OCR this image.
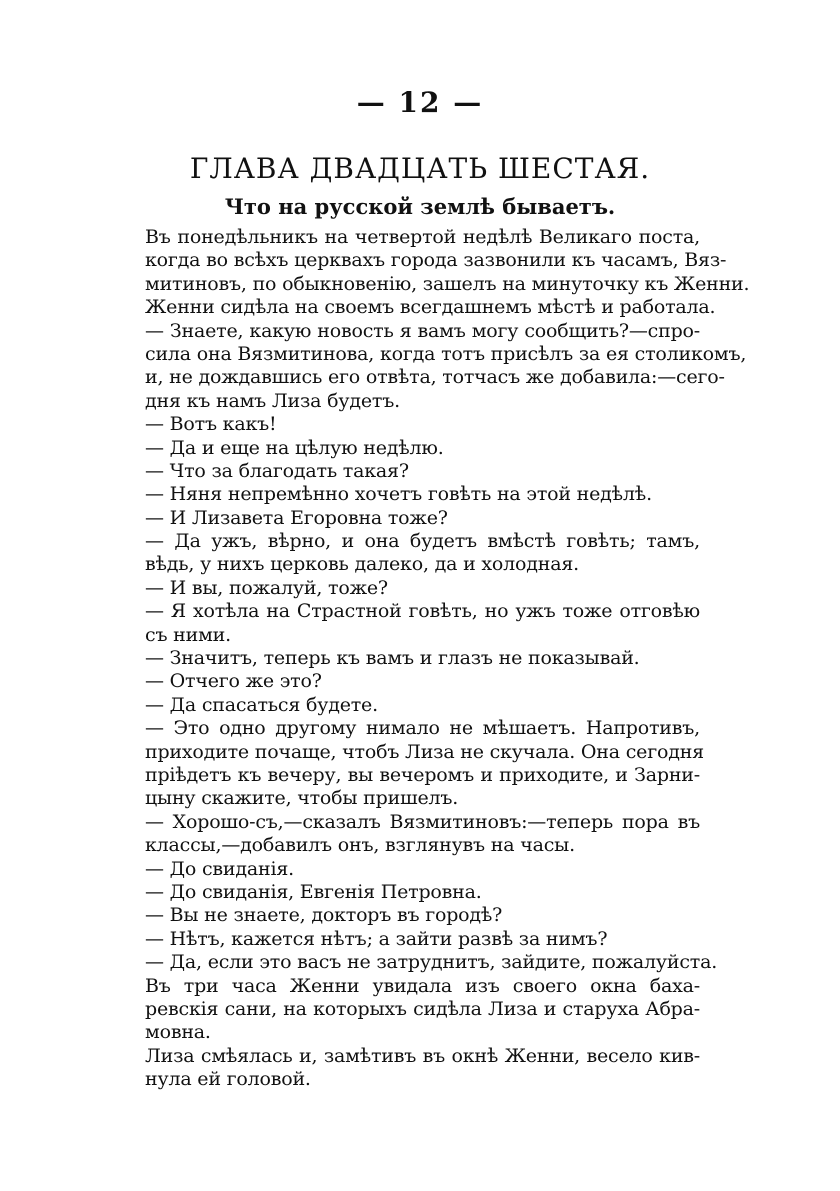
— 12 —
ГЛАВА ДВАДЦАТЬ ШЕСТАЯ.
Что на русской землѣ бываетъ.
Въ понедѣльникъ на четвертой недѣлѣ Великаго поста,
когда во всѣхъ церквахъ города зазвонили къ часамъ, Вяз-
митиновъ, по обыкновенію, зашелъ на минуточку къ Женни.
Женни сидѣла на своемъ всегдашнемъ мѣстѣ и работала.
— Знаете, какую новость я вамъ могу сообщить?—спро-
сила она Вязмитинова, когда тотъ присѣлъ за ея столикомъ,
и, не дождавшись его отвѣта, тотчасъ же добавила:—сего-
дня къ намъ Лиза будетъ.
— Вотъ какъ!
— Да и еще на цѣлую недѣлю.
— Что за благодать такая?
— Няня непремѣнно хочетъ говѣть на этой недѣлѣ.
— И Лизавета Егоровна тоже?
— Да ужъ, вѣрно, и она будетъ вмѣстѣ говѣть; тамъ,
вѣдь, у нихъ церковь далеко, да и холодная.
— И вы, пожалуй, тоже?
— Я хотѣла на Страстной говѣть, но ужъ тоже отговѣю
съ ними.
— Значитъ, теперь къ вамъ и глазъ не показывай.
— Отчего же это?
— Да спасаться будете.
— Это одно другому нимало не мѣшаетъ. Напротивъ,
приходите почаще, чтобъ Лиза не скучала. Она сегодня
пріѣдетъ къ вечеру, вы вечеромъ и приходите, и Зарни-
цыну скажите, чтобы пришелъ.
— Хорошо-съ,—сказалъ Вязмитиновъ:—теперь пора въ
классы,—добавилъ онъ, взглянувъ на часы.
— До свиданія.
— До свиданія, Евгенія Петровна.
— Вы не знаете, докторъ въ городѣ?
— Нѣтъ, кажется нѣтъ; а зайти развѣ за нимъ?
— Да, если это васъ не затруднитъ, зайдите, пожалуйста.
Въ три часа Женни увидала изъ своего окна баха-
ревскія сани, на которыхъ сидѣла Лиза и старуха Абра-
мовна.
Лиза смѣялась и, замѣтивъ въ окнѣ Женни, весело кив-
нула ей головой.
